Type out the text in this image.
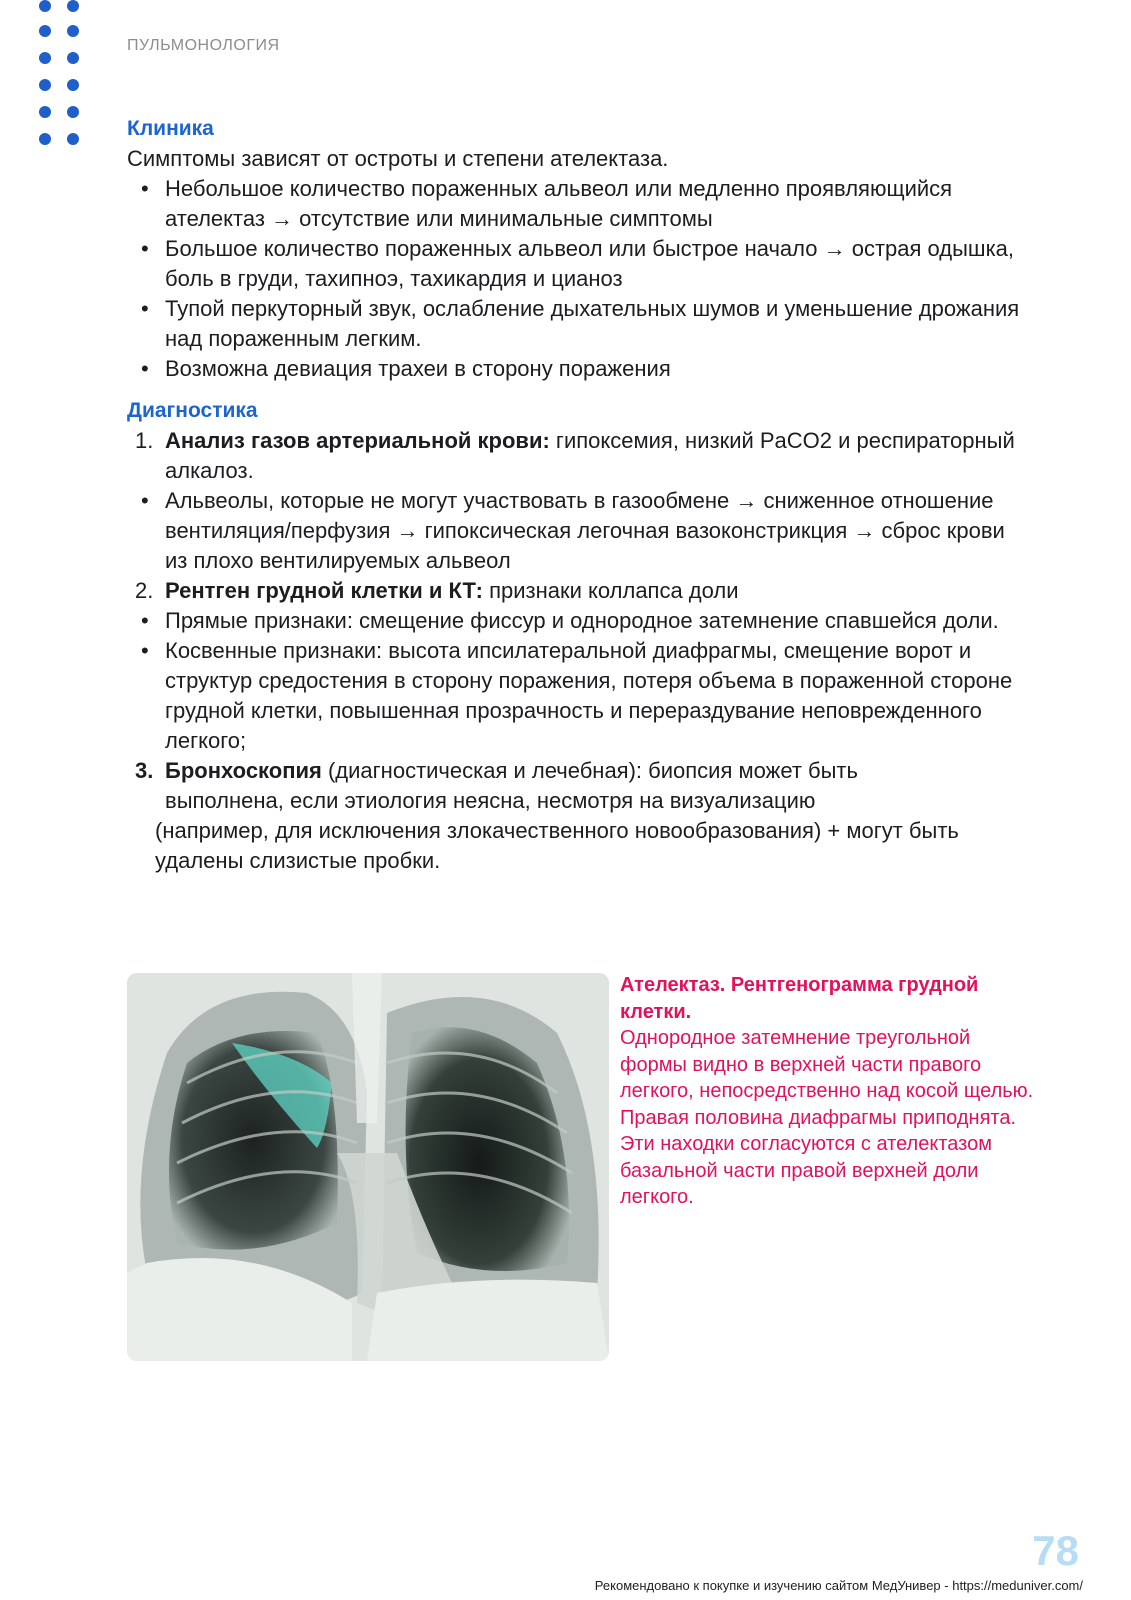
ПУЛЬМОНОЛОГИЯ
Клиника

Симптомы зависят от остроты и степени ателектаза.

• Небольшое количество пораженных альвеол или медленно проявляющийся ателектаз → отсутствие или минимальные симптомы
• Большое количество пораженных альвеол или быстрое начало → острая одышка, боль в груди, тахипноэ, тахикардия и цианоз
• Тупой перкуторный звук, ослабление дыхательных шумов и уменьшение дрожания над пораженным легким.
• Возможна девиация трахеи в сторону поражения
Диагностика
1. Анализ газов артериальной крови: гипоксемия, низкий PaCO2 и респираторный алкалоз.
• Альвеолы, которые не могут участвовать в газообмене → сниженное отношение вентиляция/перфузия → гипоксическая легочная вазоконстрикция → сброс крови из плохо вентилируемых альвеол
2. Рентген грудной клетки и КТ: признаки коллапса доли
• Прямые признаки: смещение фиссур и однородное затемнение спавшейся доли.
• Косвенные признаки: высота ипсилатеральной диафрагмы, смещение ворот и структур средостения в сторону поражения, потеря объема в пораженной стороне грудной клетки, повышенная прозрачность и перераздувание неповрежденного легкого;
3. Бронхоскопия (диагностическая и лечебная): биопсия может быть
выполнена, если этиология неясна, несмотря на визуализацию
(например, для исключения злокачественного новообразования) + могут быть удалены слизистые пробки.
Ателектаз. Рентгенограмма грудной клетки.
Однородное затемнение треугольной формы видно в верхней части правого легкого, непосредственно над косой щелью. Правая половина диафрагмы приподнята. Эти находки согласуются с ателектазом базальной части правой верхней доли легкого.
78
Рекомендовано к покупке и изучению сайтом МедУнивер - https://meduniver.com/
